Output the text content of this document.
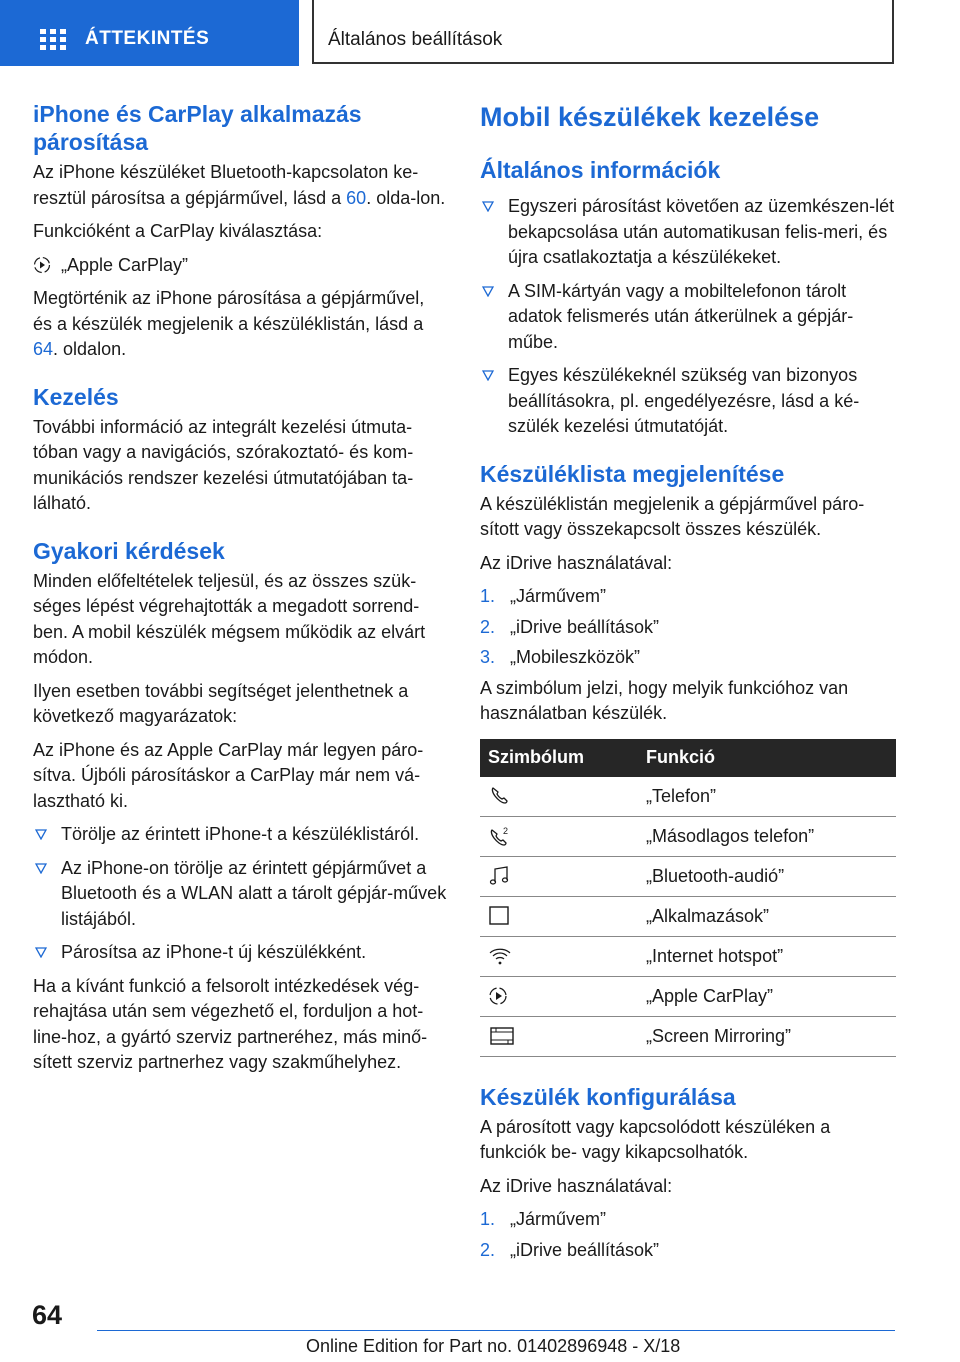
ÁTTEKINTÉS	Általános beállítások
iPhone és CarPlay alkalmazás párosítása

Az iPhone készüléket Bluetooth-kapcsolaton ke-resztül párosítsa a gépjárművel, lásd a 60. olda-lon.

Funkcióként a CarPlay kiválasztása:

„Apple CarPlay”

Megtörténik az iPhone párosítása a gépjárművel, és a készülék megjelenik a készüléklistán, lásd a 64. oldalon.

Kezelés

További információ az integrált kezelési útmuta-tóban vagy a navigációs, szórakoztató- és kom-munikációs rendszer kezelési útmutatójában ta-lálható.

Gyakori kérdések

Minden előfeltételek teljesül, és az összes szük-séges lépést végrehajtották a megadott sorrend-ben. A mobil készülék mégsem működik az elvárt módon.

Ilyen esetben további segítséget jelenthetnek a következő magyarázatok:

Az iPhone és az Apple CarPlay már legyen páro-sítva. Újbóli párosításkor a CarPlay már nem vá-lasztható ki.

Törölje az érintett iPhone-t a készüléklistáról.
Az iPhone-on törölje az érintett gépjárművet a Bluetooth és a WLAN alatt a tárolt gépjár-művek listájából.
Párosítsa az iPhone-t új készülékként.

Ha a kívánt funkció a felsorolt intézkedések vég-rehajtása után sem végezhető el, forduljon a hot-line-hoz, a gyártó szerviz partneréhez, más minő-sített szerviz partnerhez vagy szakműhelyhez.

Mobil készülékek kezelése
Általános információk
Egyszeri párosítást követően az üzemkészen-lét bekapcsolása után automatikusan felis-meri, és újra csatlakoztatja a készülékeket.
A SIM-kártyán vagy a mobiltelefonon tárolt adatok felismerés után átkerülnek a gépjár-műbe.
Egyes készülékeknél szükség van bizonyos beállításokra, pl. engedélyezésre, lásd a ké-szülék kezelési útmutatóját.
Készüléklista megjelenítése

A készüléklistán megjelenik a gépjárművel páro-sított vagy összekapcsolt összes készülék.

Az iDrive használatával:

1. „Járművem”
2. „iDrive beállítások”
3. „Mobileszközök”

A szimbólum jelzi, hogy melyik funkcióhoz van használatban készülék.

Szimbólum	Funkció

	„Telefon”

2	„Másodlagos telefon”

	„Bluetooth-audió”

	„Alkalmazások”

	„Internet hotspot”

	„Apple CarPlay”

	„Screen Mirroring”
Készülék konfigurálása

A párosított vagy kapcsolódott készüléken a funkciók be- vagy kikapcsolhatók.

Az iDrive használatával:

1. „Járművem”
2. „iDrive beállítások”
64
Online Edition for Part no. 01402896948 - X/18
